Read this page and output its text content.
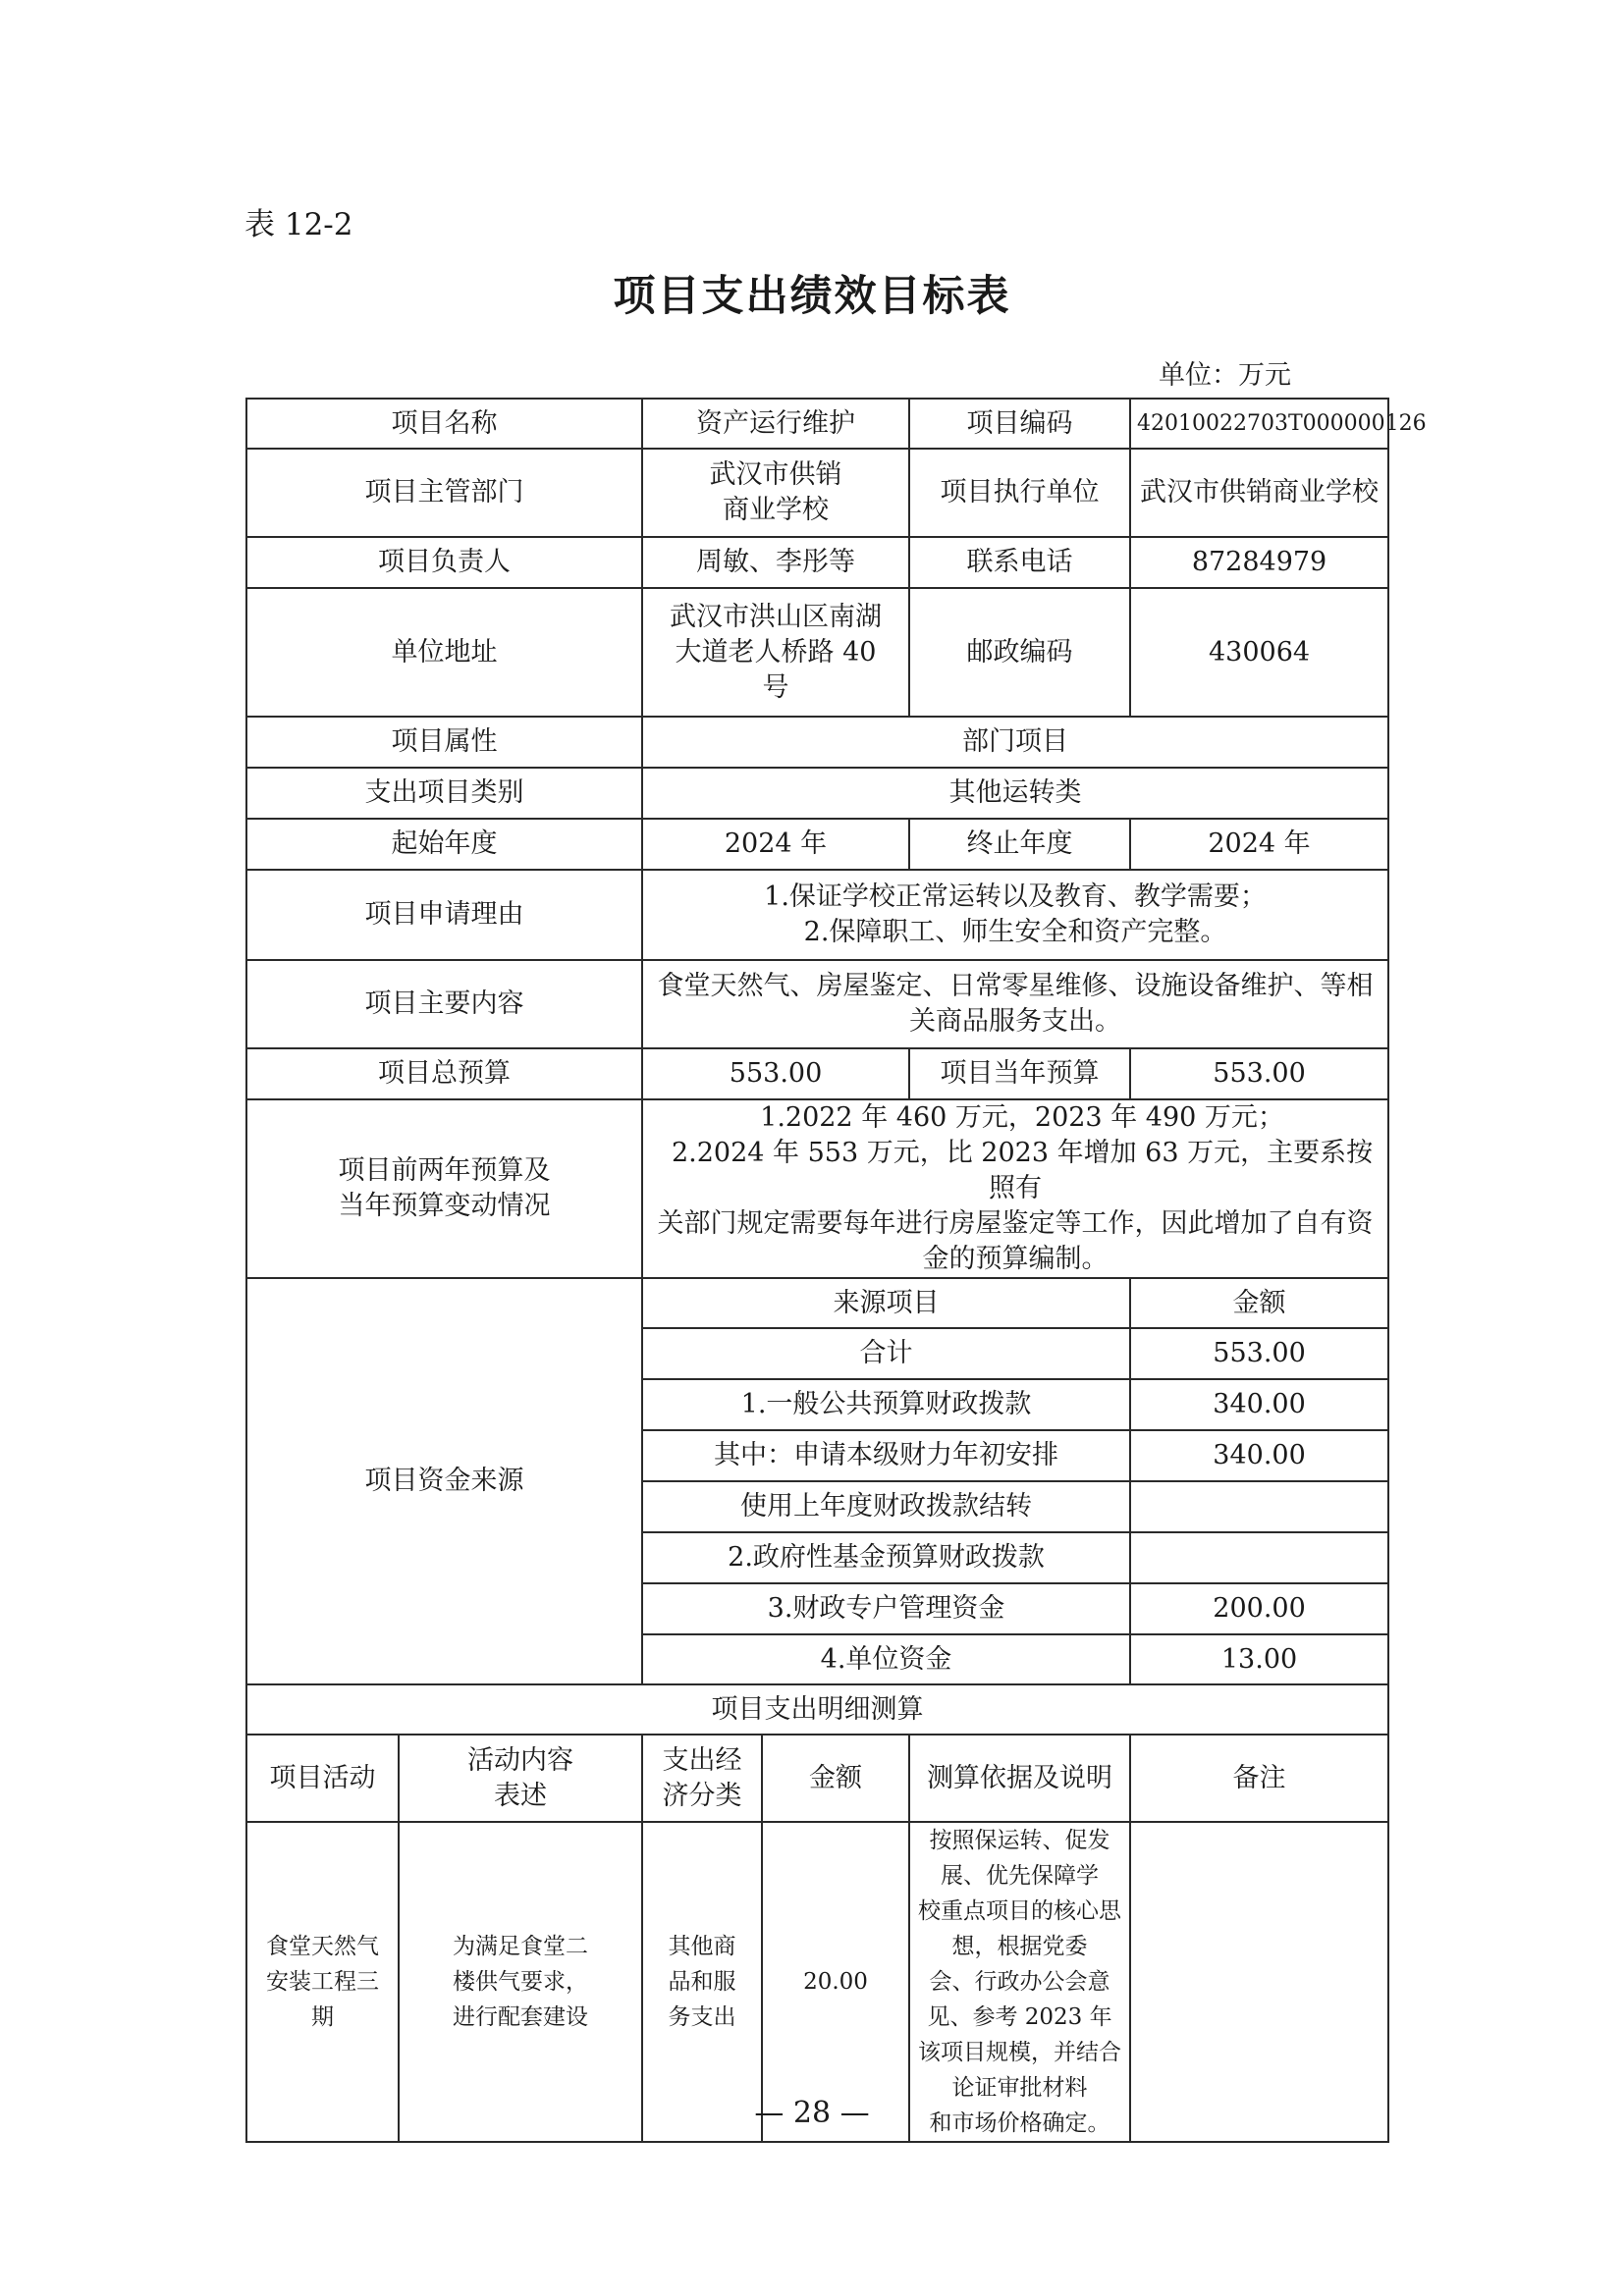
表 12-2
项目支出绩效目标表
单位：万元
项目名称		资产运行维护		项目编码	42010022703T000000126
项目主管部门		武汉市供销
商业学校		项目执行单位	武汉市供销商业学校
项目负责人		周敏、李彤等		联系电话	87284979
单位地址		武汉市洪山区南湖
大道老人桥路 40
号		邮政编码	430064
项目属性		部门项目			
支出项目类别		其他运转类			
起始年度		2024 年		终止年度	2024 年
项目申请理由		1.保证学校正常运转以及教育、教学需要；
2.保障职工、师生安全和资产完整。			

项目主要内容		食堂天然气、房屋鉴定、日常零星维修、设施设备维护、等相
关商品服务支出。			

项目总预算		553.00		项目当年预算	553.00

项目前两年预算及
当年预算变动情况		1.2022 年 460 万元，2023 年 490 万元；
2.2024 年 553 万元，比 2023 年增加 63 万元，主要系按照有
关部门规定需要每年进行房屋鉴定等工作，因此增加了自有资
金的预算编制。			

项目资金来源		来源项目			金额
		合计			553.00
		1.一般公共预算财政拨款			340.00
		其中：申请本级财力年初安排			340.00
		使用上年度财政拨款结转			
		2.政府性基金预算财政拨款			
		3.财政专户管理资金			200.00
		4.单位资金			13.00
项目支出明细测算					
项目活动	活动内容
表述	支出经
济分类	金额	测算依据及说明	备注

食堂天然气
安装工程三
期	为满足食堂二
楼供气要求，
进行配套建设	其他商
品和服
务支出	20.00	按照保运转、促发展、优先保障学
校重点项目的核心思想，根据党委
会、行政办公会意见、参考 2023 年
该项目规模，并结合论证审批材料
和市场价格确定。	

— 28 —
